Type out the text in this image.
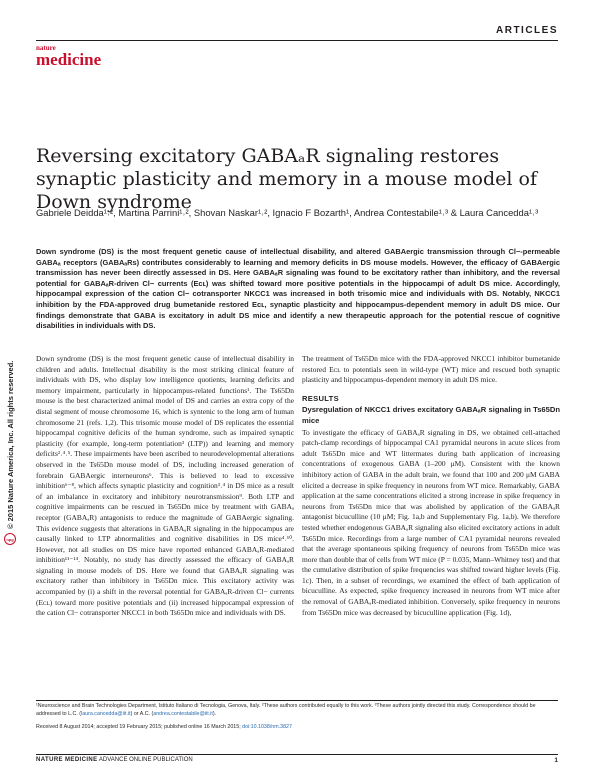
ARTICLES
nature
medicine
Reversing excitatory GABAₐR signaling restores synaptic plasticity and memory in a mouse model of Down syndrome

Gabriele Deidda¹˒², Martina Parrini¹˒², Shovan Naskar¹˒², Ignacio F Bozarth¹, Andrea Contestabile¹˒³ & Laura Cancedda¹˒³

Down syndrome (DS) is the most frequent genetic cause of intellectual disability, and altered GABAergic transmission through Cl−-permeable GABAₐ receptors (GABAₐRs) contributes considerably to learning and memory deficits in DS mouse models. However, the efficacy of GABAergic transmission has never been directly assessed in DS. Here GABAₐR signaling was found to be excitatory rather than inhibitory, and the reversal potential for GABAₐR-driven Cl− currents (Eᴄʟ) was shifted toward more positive potentials in the hippocampi of adult DS mice. Accordingly, hippocampal expression of the cation Cl− cotransporter NKCC1 was increased in both trisomic mice and individuals with DS. Notably, NKCC1 inhibition by the FDA-approved drug bumetanide restored Eᴄʟ, synaptic plasticity and hippocampus-dependent memory in adult DS mice. Our findings demonstrate that GABA is excitatory in adult DS mice and identify a new therapeutic approach for the potential rescue of cognitive disabilities in individuals with DS.

npg
© 2015 Nature America, Inc. All rights reserved.

Down syndrome (DS) is the most frequent genetic cause of intellectual disability in children and adults. Intellectual disability is the most striking clinical feature of individuals with DS, who display low intelligence quotients, learning deficits and memory impairment, particularly in hippocampus-related functions¹. The Ts65Dn mouse is the best characterized animal model of DS and carries an extra copy of the distal segment of mouse chromosome 16, which is syntenic to the long arm of human chromosome 21 (refs. 1,2). This trisomic mouse model of DS replicates the essential hippocampal cognitive deficits of the human syndrome, such as impaired synaptic plasticity (for example, long-term potentiation³ (LTP)) and learning and memory deficits²˒⁴˒⁵. These impairments have been ascribed to neurodevelopmental alterations observed in the Ts65Dn mouse model of DS, including increased generation of forebrain GABAergic interneurons⁶. This is believed to lead to excessive inhibition⁶⁻⁸, which affects synaptic plasticity and cognition³˒⁴ in DS mice as a result of an imbalance in excitatory and inhibitory neurotransmission⁹. Both LTP and cognitive impairments can be rescued in Ts65Dn mice by treatment with GABAₐ receptor (GABAₐR) antagonists to reduce the magnitude of GABAergic signaling. This evidence suggests that alterations in GABAₐR signaling in the hippocampus are causally linked to LTP abnormalities and cognitive disabilities in DS mice⁴˒¹⁰. However, not all studies on DS mice have reported enhanced GABAₐR-mediated inhibition¹¹⁻¹⁴. Notably, no study has directly assessed the efficacy of GABAₐR signaling in mouse models of DS. Here we found that GABAₐR signaling was excitatory rather than inhibitory in Ts65Dn mice. This excitatory activity was accompanied by (i) a shift in the reversal potential for GABAₐR-driven Cl− currents (Eᴄʟ) toward more positive potentials and (ii) increased hippocampal expression of the cation Cl− cotransporter NKCC1 in both Ts65Dn mice and individuals with DS.

The treatment of Ts65Dn mice with the FDA-approved NKCC1 inhibitor bumetanide restored Eᴄʟ to potentials seen in wild-type (WT) mice and rescued both synaptic plasticity and hippocampus-dependent memory in adult DS mice.

RESULTS
Dysregulation of NKCC1 drives excitatory GABAₐR signaling in Ts65Dn mice

To investigate the efficacy of GABAₐR signaling in DS, we obtained cell-attached patch-clamp recordings of hippocampal CA1 pyramidal neurons in acute slices from adult Ts65Dn mice and WT littermates during bath application of increasing concentrations of exogenous GABA (1–200 μM). Consistent with the known inhibitory action of GABA in the adult brain, we found that 100 and 200 μM GABA elicited a decrease in spike frequency in neurons from WT mice. Remarkably, GABA application at the same concentrations elicited a strong increase in spike frequency in neurons from Ts65Dn mice that was abolished by application of the GABAₐR antagonist bicuculline (10 μM; Fig. 1a,b and Supplementary Fig. 1a,b). We therefore tested whether endogenous GABAₐR signaling also elicited excitatory actions in adult Ts65Dn mice. Recordings from a large number of CA1 pyramidal neurons revealed that the average spontaneous spiking frequency of neurons from Ts65Dn mice was more than double that of cells from WT mice (P = 0.035, Mann–Whitney test) and that the cumulative distribution of spike frequencies was shifted toward higher levels (Fig. 1c). Then, in a subset of recordings, we examined the effect of bath application of bicuculline. As expected, spike frequency increased in neurons from WT mice after the removal of GABAₐR-mediated inhibition. Conversely, spike frequency in neurons from Ts65Dn mice was decreased by bicuculline application (Fig. 1d),

¹Neuroscience and Brain Technologies Department, Istituto Italiano di Tecnologia, Genova, Italy. ²These authors contributed equally to this work. ³These authors jointly directed this study. Correspondence should be addressed to L.C. (laura.cancedda@iit.it) or A.C. (andrea.contestabile@iit.it).

Received 8 August 2014; accepted 19 February 2015; published online 16 March 2015; doi:10.1038/nm.3827

NATURE MEDICINE ADVANCE ONLINE PUBLICATION	1
